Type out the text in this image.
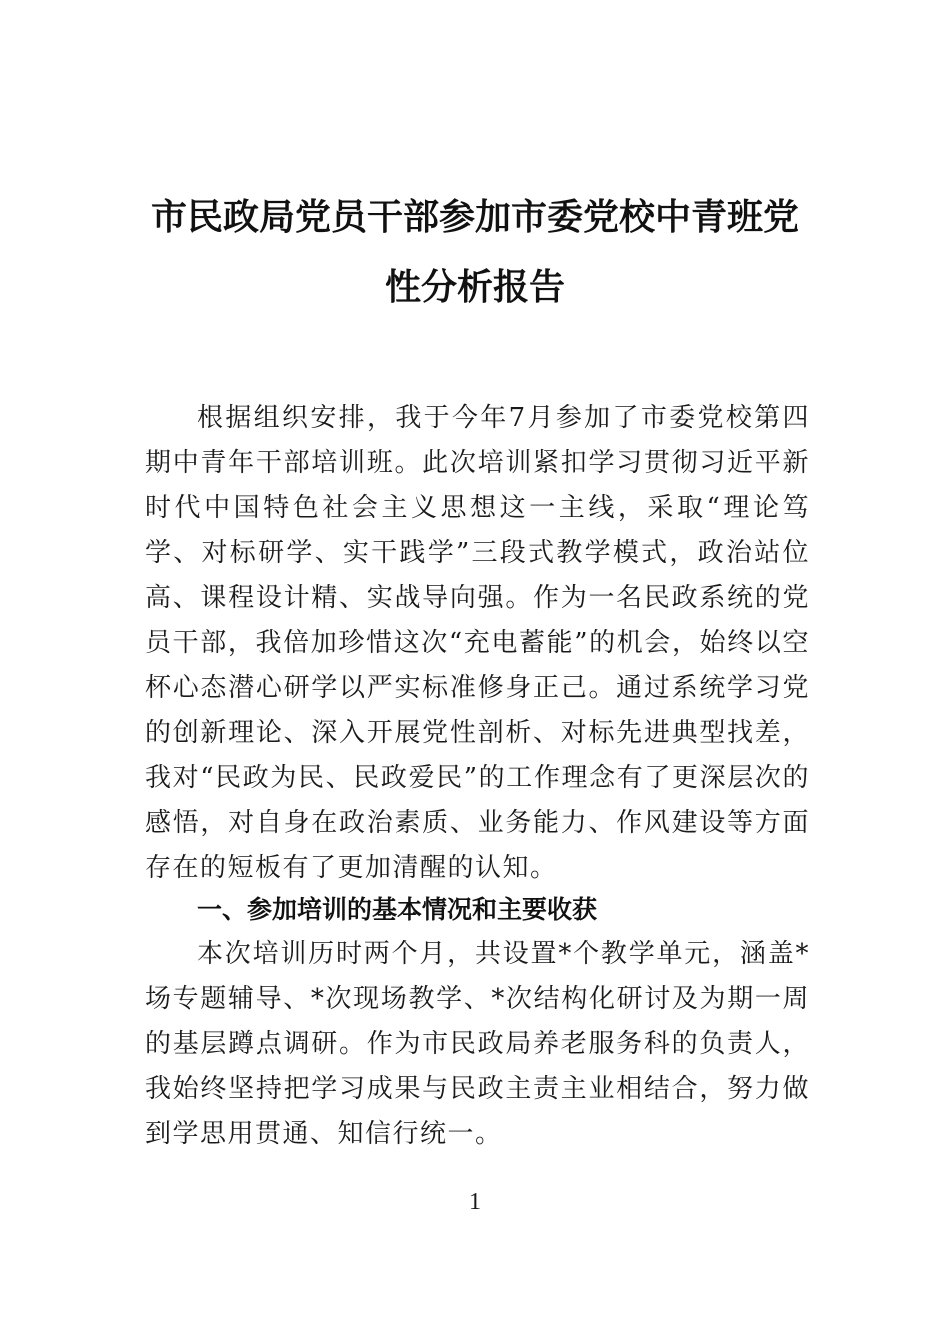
市民政局党员干部参加市委党校中青班党
性分析报告

根据组织安排，我于今年7月参加了市委党校第四期中青年干部培训班。此次培训紧扣学习贯彻习近平新时代中国特色社会主义思想这一主线，采取“理论笃学、对标研学、实干践学”三段式教学模式，政治站位高、课程设计精、实战导向强。作为一名民政系统的党员干部，我倍加珍惜这次“充电蓄能”的机会，始终以空杯心态潜心研学以严实标准修身正己。通过系统学习党的创新理论、深入开展党性剖析、对标先进典型找差，我对“民政为民、民政爱民”的工作理念有了更深层次的感悟，对自身在政治素质、业务能力、作风建设等方面存在的短板有了更加清醒的认知。

一、参加培训的基本情况和主要收获

本次培训历时两个月，共设置*个教学单元，涵盖*场专题辅导、*次现场教学、*次结构化研讨及为期一周的基层蹲点调研。作为市民政局养老服务科的负责人，我始终坚持把学习成果与民政主责主业相结合，努力做到学思用贯通、知信行统一。

1
